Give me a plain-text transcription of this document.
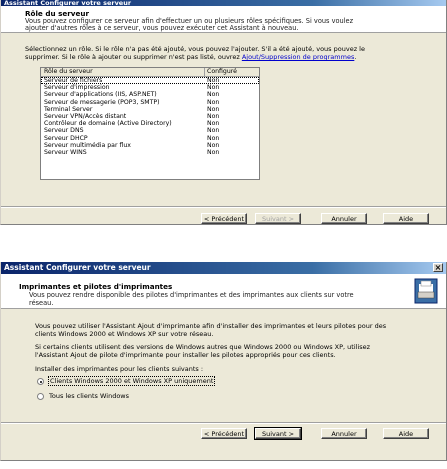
Assistant Configurer votre serveur
Rôle du serveur
Vous pouvez configurer ce serveur afin d'effectuer un ou plusieurs rôles spécifiques. Si vous voulez
ajouter d'autres rôles à ce serveur, vous pouvez exécuter cet Assistant à nouveau.
Sélectionnez un rôle. Si le rôle n'a pas été ajouté, vous pouvez l'ajouter. S'il a été ajouté, vous pouvez le
supprimer. Si le rôle à ajouter ou supprimer n'est pas listé, ouvrez Ajout/Suppression de programmes.
Rôle du serveur	Configuré
Serveur de fichiers	Non
Serveur d'impression	Non
Serveur d'applications (IIS, ASP.NET)	Non
Serveur de messagerie (POP3, SMTP)	Non
Terminal Server	Non
Serveur VPN/Accès distant	Non
Contrôleur de domaine (Active Directory)	Non
Serveur DNS	Non
Serveur DHCP	Non
Serveur multimédia par flux	Non
Serveur WINS	Non
< Précédent	Suivant >	Annuler	Aide
Assistant Configurer votre serveur	×
Imprimantes et pilotes d'imprimantes
Vous pouvez rendre disponible des pilotes d'imprimantes et des imprimantes aux clients sur votre
réseau.
Vous pouvez utiliser l'Assistant Ajout d'imprimante afin d'installer des imprimantes et leurs pilotes pour des
clients Windows 2000 et Windows XP sur votre réseau.
Si certains clients utilisent des versions de Windows autres que Windows 2000 ou Windows XP, utilisez
l'Assistant Ajout de pilote d'imprimante pour installer les pilotes appropriés pour ces clients.
Installer des imprimantes pour les clients suivants :
Clients Windows 2000 et Windows XP uniquement
Tous les clients Windows
< Précédent	Suivant >	Annuler	Aide
